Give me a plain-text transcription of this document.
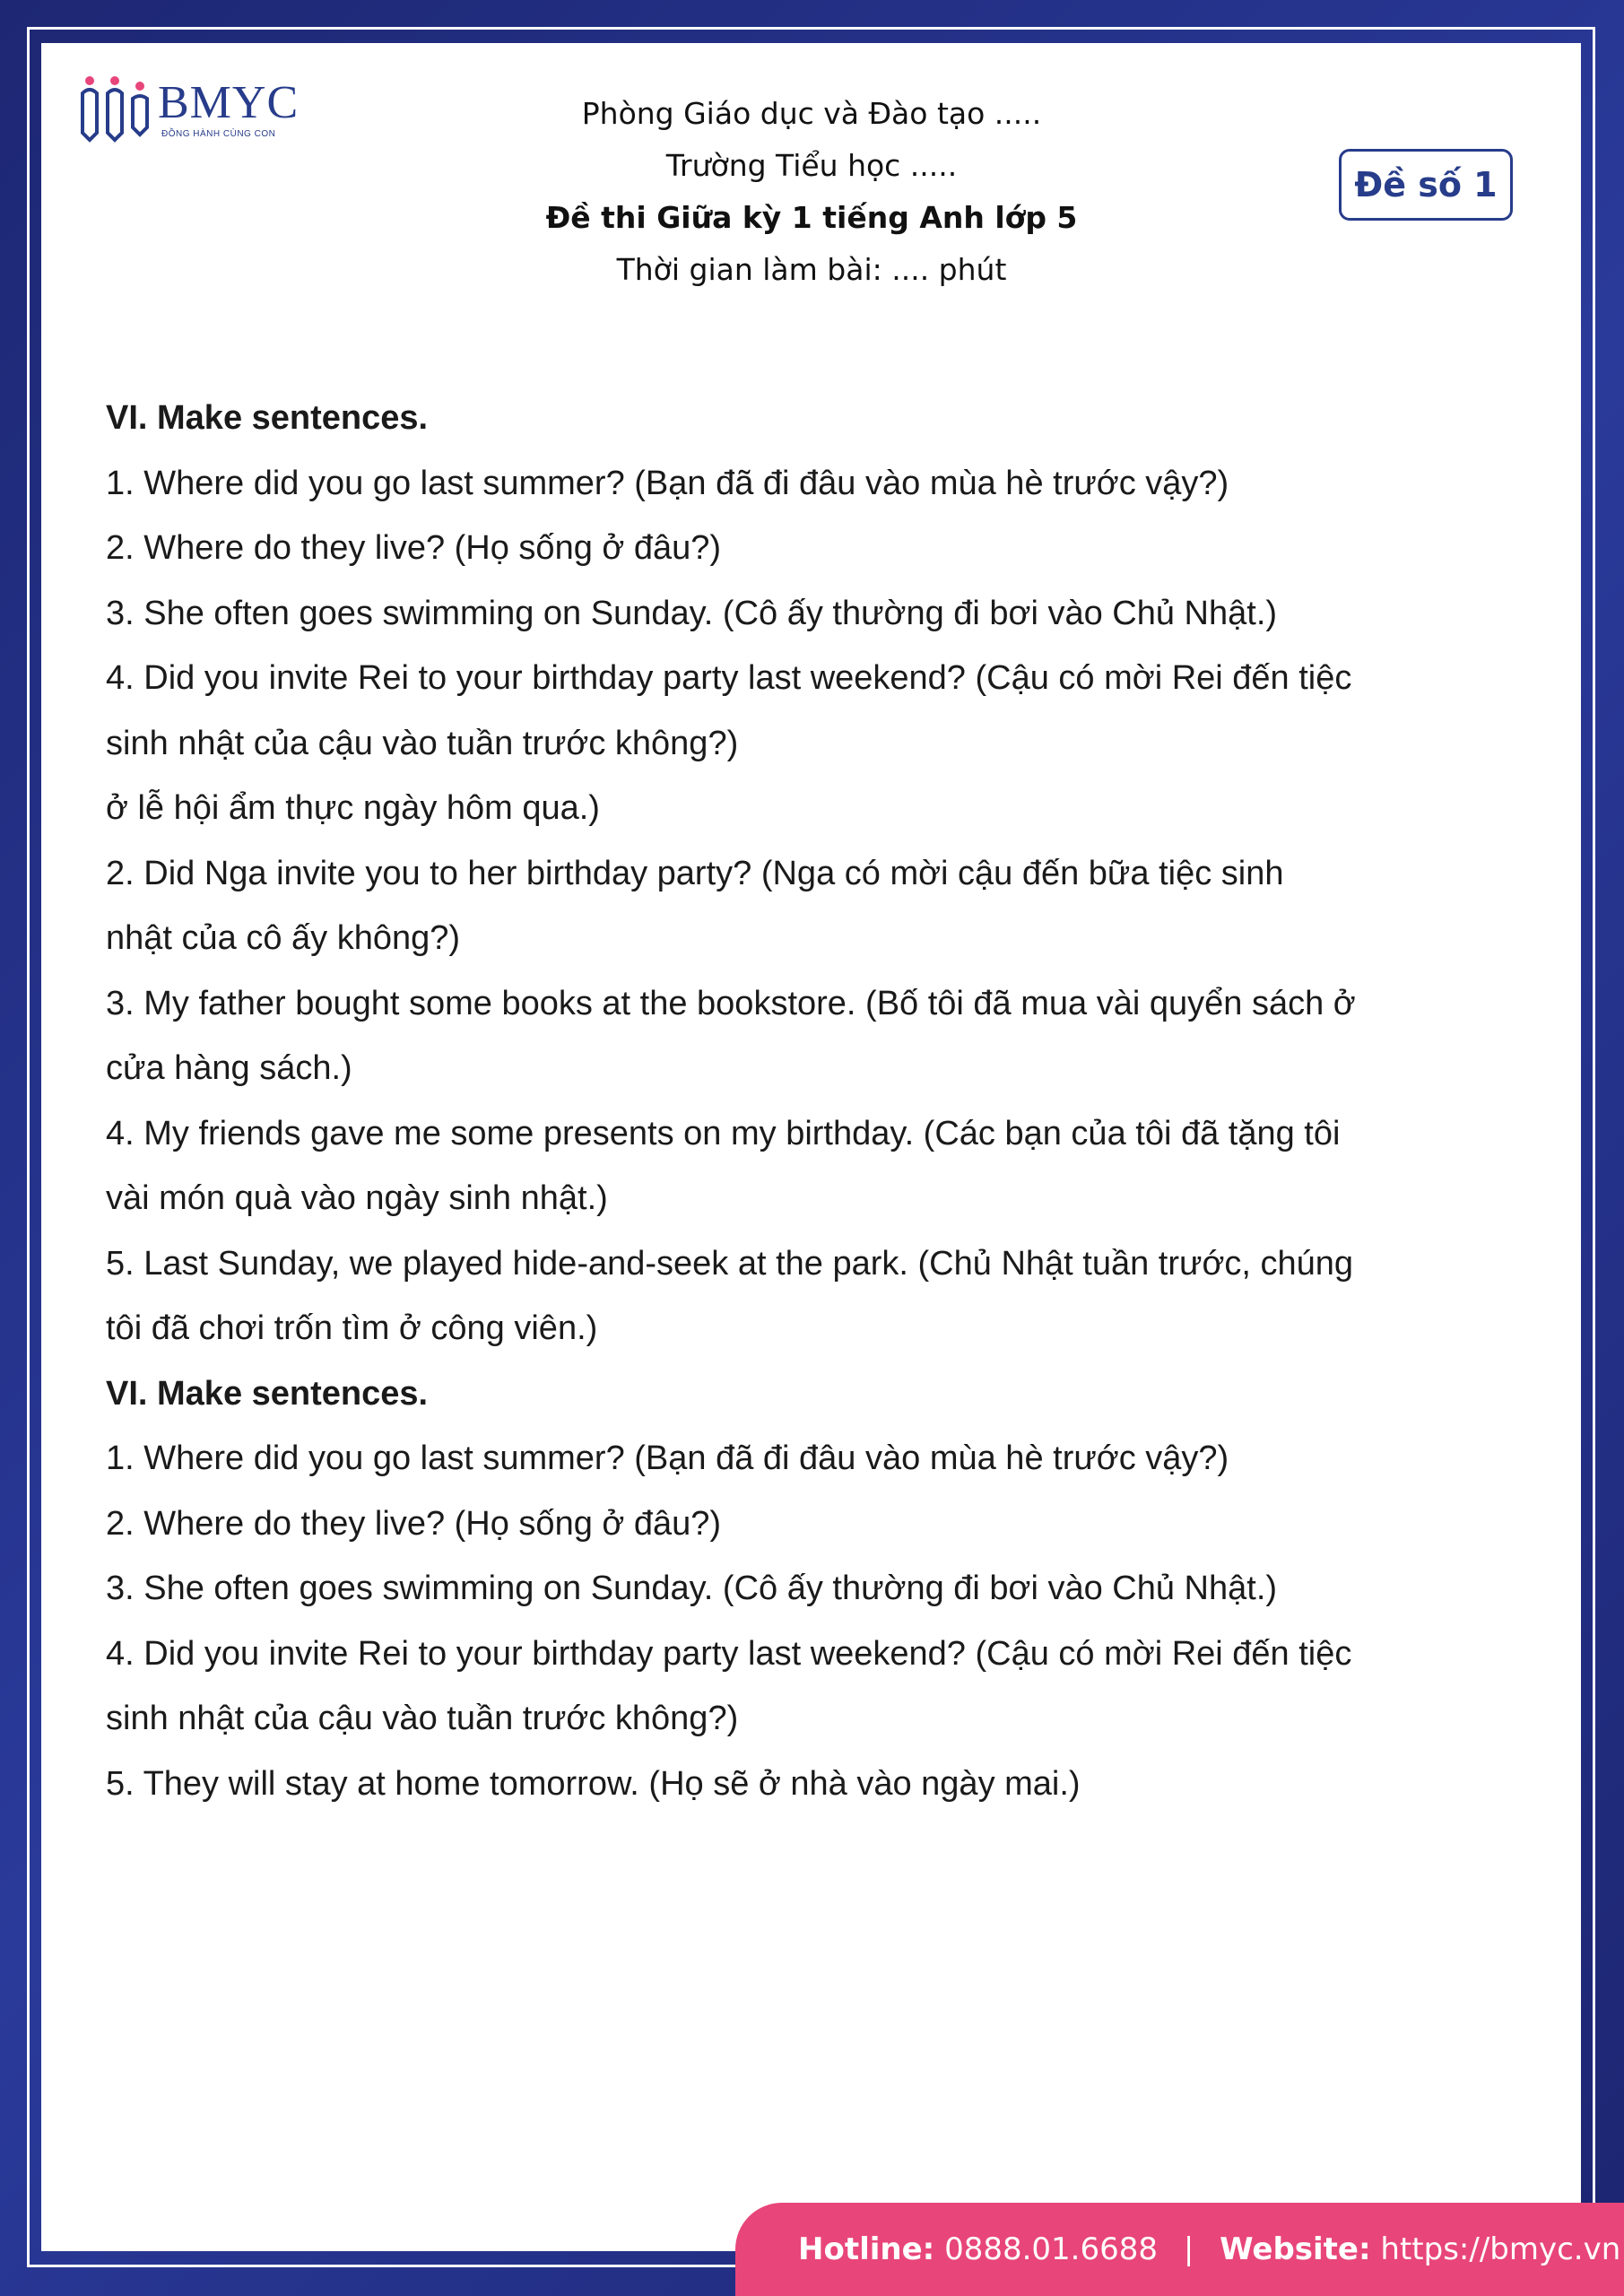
BMYC
ĐỒNG HÀNH CÙNG CON
Phòng Giáo dục và Đào tạo .....
Trường Tiểu học .....
Đề thi Giữa kỳ 1 tiếng Anh lớp 5
Thời gian làm bài: .... phút
Đề số 1
VI. Make sentences.
1. Where did you go last summer? (Bạn đã đi đâu vào mùa hè trước vậy?)
2. Where do they live? (Họ sống ở đâu?)
3. She often goes swimming on Sunday. (Cô ấy thường đi bơi vào Chủ Nhật.)
4. Did you invite Rei to your birthday party last weekend? (Cậu có mời Rei đến tiệc
sinh nhật của cậu vào tuần trước không?)
ở lễ hội ẩm thực ngày hôm qua.)
2. Did Nga invite you to her birthday party? (Nga có mời cậu đến bữa tiệc sinh
nhật của cô ấy không?)
3. My father bought some books at the bookstore. (Bố tôi đã mua vài quyển sách ở
cửa hàng sách.)
4. My friends gave me some presents on my birthday. (Các bạn của tôi đã tặng tôi
vài món quà vào ngày sinh nhật.)
5. Last Sunday, we played hide-and-seek at the park. (Chủ Nhật tuần trước, chúng
tôi đã chơi trốn tìm ở công viên.)
VI. Make sentences.
1. Where did you go last summer? (Bạn đã đi đâu vào mùa hè trước vậy?)
2. Where do they live? (Họ sống ở đâu?)
3. She often goes swimming on Sunday. (Cô ấy thường đi bơi vào Chủ Nhật.)
4. Did you invite Rei to your birthday party last weekend? (Cậu có mời Rei đến tiệc
sinh nhật của cậu vào tuần trước không?)
5. They will stay at home tomorrow. (Họ sẽ ở nhà vào ngày mai.)
Hotline: 0888.01.6688 | Website: https://bmyc.vn
